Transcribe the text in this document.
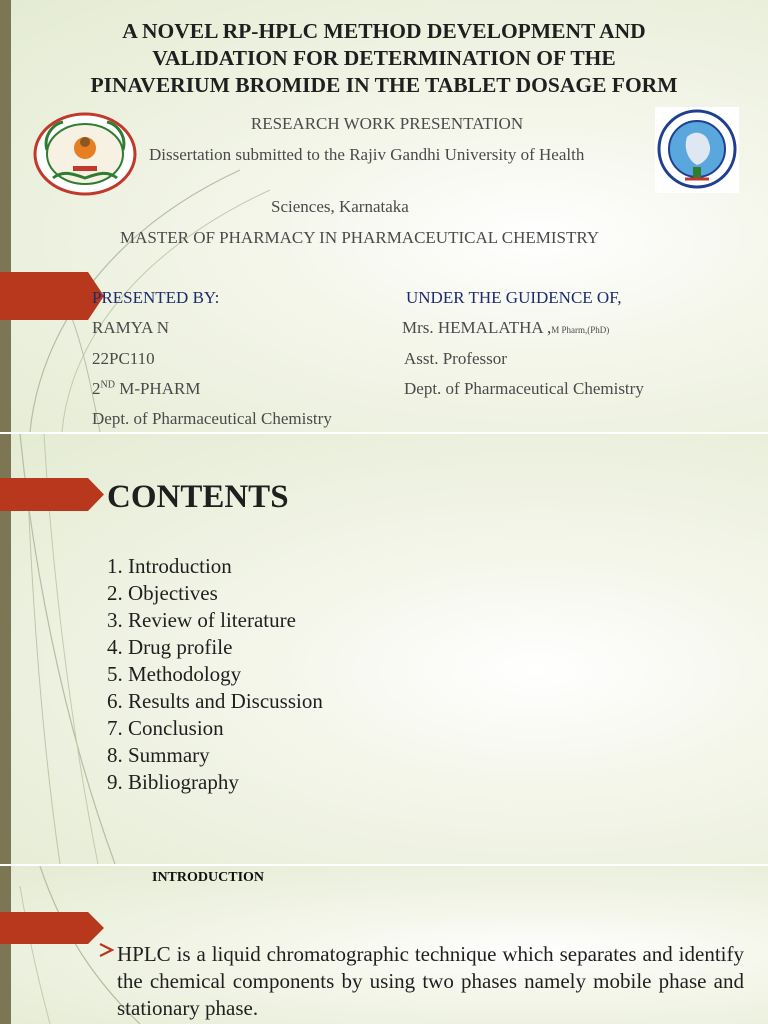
A NOVEL RP-HPLC METHOD DEVELOPMENT AND
VALIDATION FOR DETERMINATION OF THE
PINAVERIUM BROMIDE IN THE TABLET DOSAGE FORM
RESEARCH WORK PRESENTATION
Dissertation submitted to the Rajiv Gandhi University of Health
Sciences, Karnataka
MASTER OF PHARMACY IN PHARMACEUTICAL CHEMISTRY
PRESENTED BY:
RAMYA N
22PC110
2ND M-PHARM
Dept. of Pharmaceutical Chemistry
UNDER THE GUIDENCE OF,
Mrs. HEMALATHA ,M Pharm,(PhD)
Asst. Professor
Dept. of Pharmaceutical Chemistry
CONTENTS
1. Introduction
2. Objectives
3. Review of literature
4. Drug profile
5. Methodology
6. Results and Discussion
7. Conclusion
8. Summary
9. Bibliography
INTRODUCTION
HPLC is a liquid chromatographic technique which separates and identify the chemical components by using two phases namely mobile phase and stationary phase.
